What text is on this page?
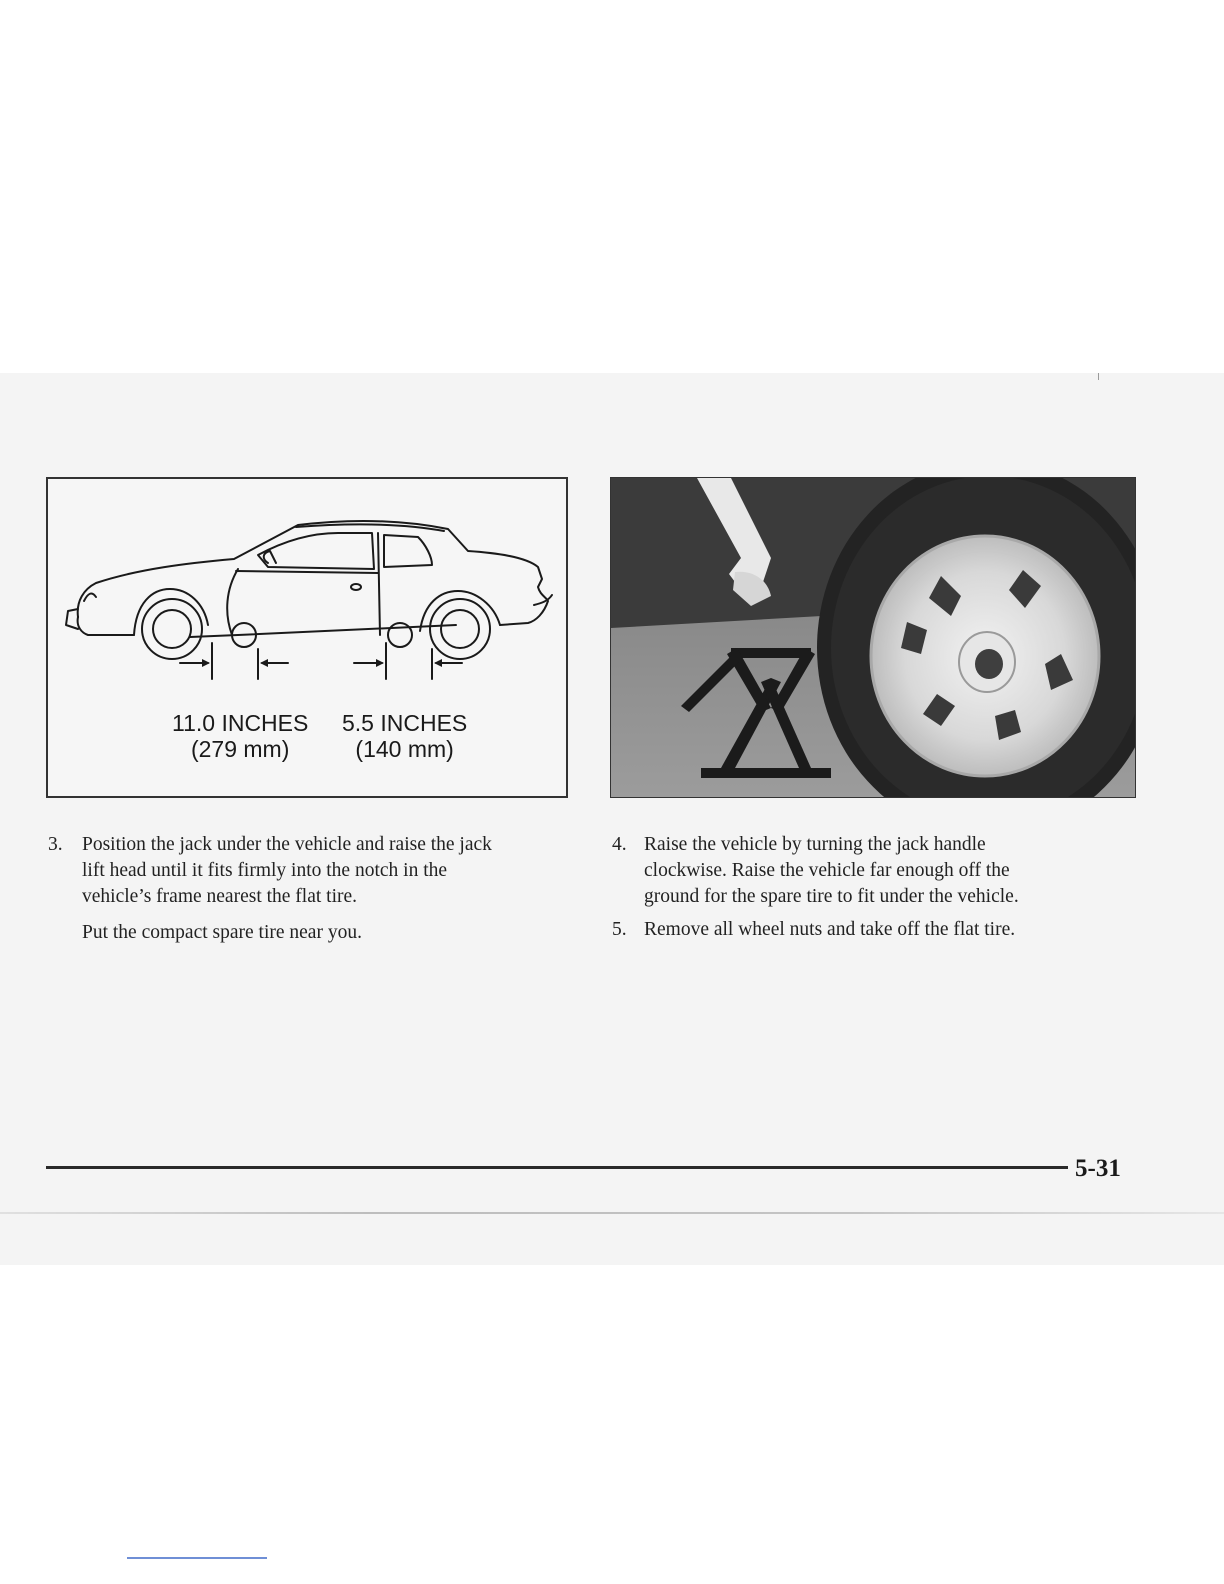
11.0 INCHES
(279 mm)
5.5 INCHES
(140 mm)
3. Position the jack under the vehicle and raise the jack
lift head until it fits firmly into the notch in the
vehicle’s frame nearest the flat tire.
Put the compact spare tire near you.
4. Raise the vehicle by turning the jack handle
clockwise. Raise the vehicle far enough off the
ground for the spare tire to fit under the vehicle.
5. Remove all wheel nuts and take off the flat tire.
5-31
